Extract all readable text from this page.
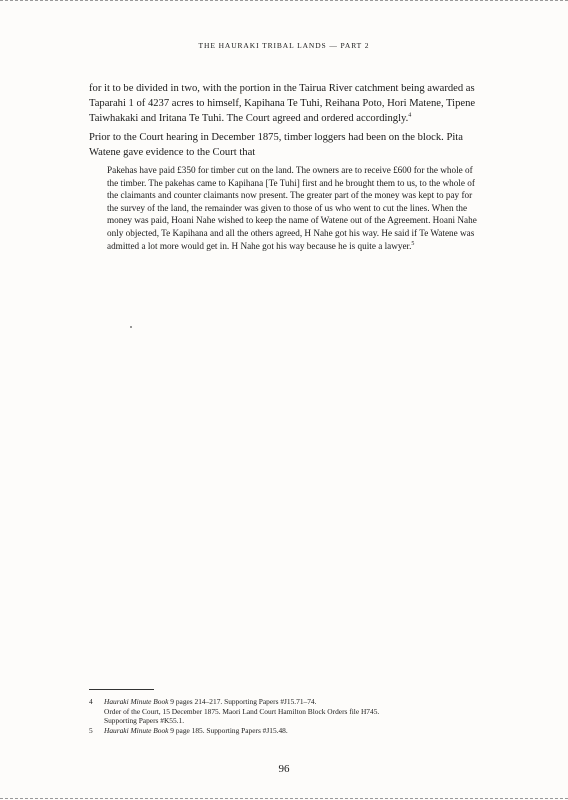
THE HAURAKI TRIBAL LANDS — PART 2

for it to be divided in two, with the portion in the Tairua River catchment being awarded as Taparahi 1 of 4237 acres to himself, Kapihana Te Tuhi, Reihana Poto, Hori Matene, Tipene Taiwhakaki and Iritana Te Tuhi. The Court agreed and ordered accordingly.$^4$

Prior to the Court hearing in December 1875, timber loggers had been on the block. Pita Watene gave evidence to the Court that

Pakehas have paid £350 for timber cut on the land. The owners are to receive £600 for the whole of the timber. The pakehas came to Kapihana [Te Tuhi] first and he brought them to us, to the whole of the claimants and counter claimants now present. The greater part of the money was kept to pay for the survey of the land, the remainder was given to those of us who went to cut the lines. When the money was paid, Hoani Nahe wished to keep the name of Watene out of the Agreement. Hoani Nahe only objected, Te Kapihana and all the others agreed, H Nahe got his way. He said if Te Watene was admitted a lot more would get in. H Nahe got his way because he is quite a lawyer.$^5$

4 Hauraki Minute Book 9 pages 214–217. Supporting Papers #J15.71–74.
Order of the Court, 15 December 1875. Maori Land Court Hamilton Block Orders file H745.
Supporting Papers #K55.1.
5 Hauraki Minute Book 9 page 185. Supporting Papers #J15.48.
96
